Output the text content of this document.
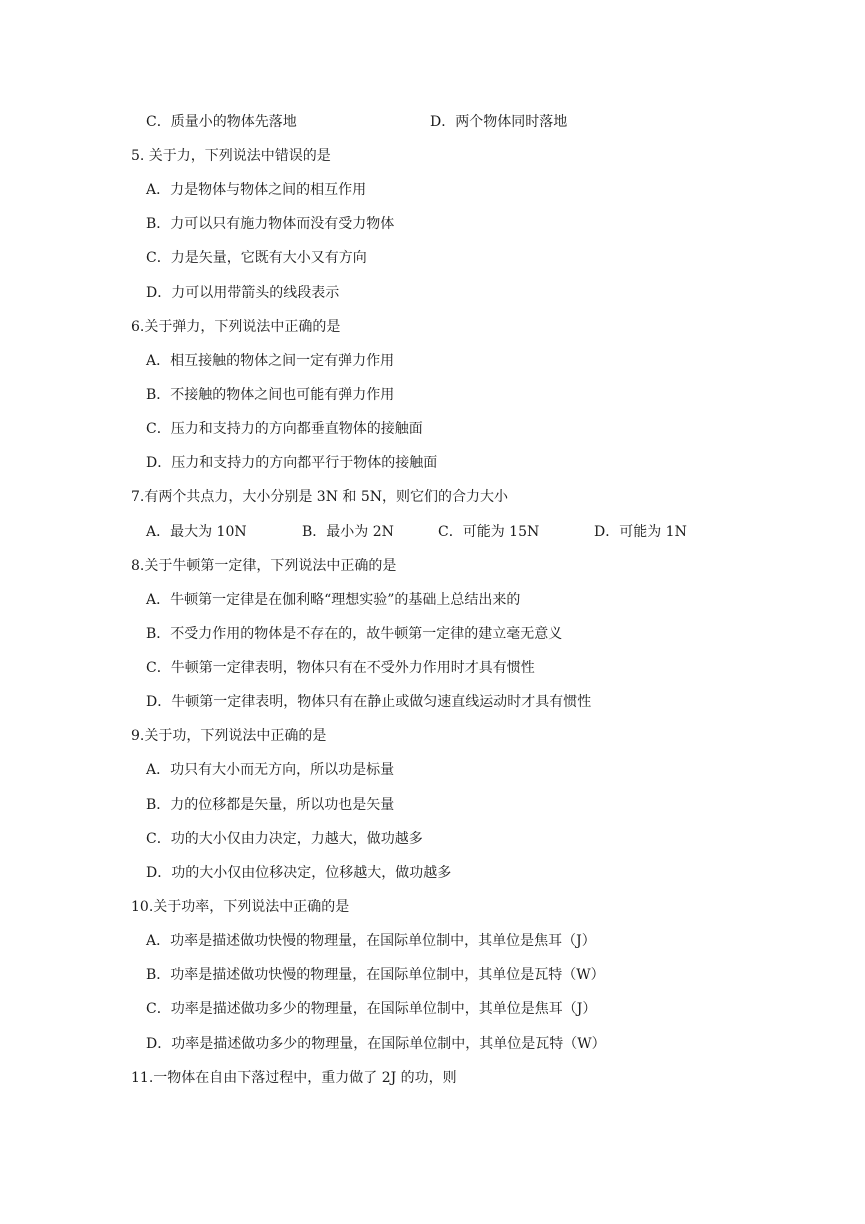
C．质量小的物体先落地	D．两个物体同时落地
5. 关于力，下列说法中错误的是
A．力是物体与物体之间的相互作用
B．力可以只有施力物体而没有受力物体
C．力是矢量，它既有大小又有方向
D．力可以用带箭头的线段表示
6.关于弹力，下列说法中正确的是
A．相互接触的物体之间一定有弹力作用
B．不接触的物体之间也可能有弹力作用
C．压力和支持力的方向都垂直物体的接触面
D．压力和支持力的方向都平行于物体的接触面
7.有两个共点力，大小分别是 3N 和 5N，则它们的合力大小
A．最大为 10N	B．最小为 2N	C．可能为 15N	D．可能为 1N
8.关于牛顿第一定律，下列说法中正确的是
A．牛顿第一定律是在伽利略“理想实验”的基础上总结出来的
B．不受力作用的物体是不存在的，故牛顿第一定律的建立毫无意义
C．牛顿第一定律表明，物体只有在不受外力作用时才具有惯性
D．牛顿第一定律表明，物体只有在静止或做匀速直线运动时才具有惯性
9.关于功，下列说法中正确的是
A．功只有大小而无方向，所以功是标量
B．力的位移都是矢量，所以功也是矢量
C．功的大小仅由力决定，力越大，做功越多
D．功的大小仅由位移决定，位移越大，做功越多
10.关于功率，下列说法中正确的是
A．功率是描述做功快慢的物理量，在国际单位制中，其单位是焦耳（J）
B．功率是描述做功快慢的物理量，在国际单位制中，其单位是瓦特（W）
C．功率是描述做功多少的物理量，在国际单位制中，其单位是焦耳（J）
D．功率是描述做功多少的物理量，在国际单位制中，其单位是瓦特（W）
11.一物体在自由下落过程中，重力做了 2J 的功，则
